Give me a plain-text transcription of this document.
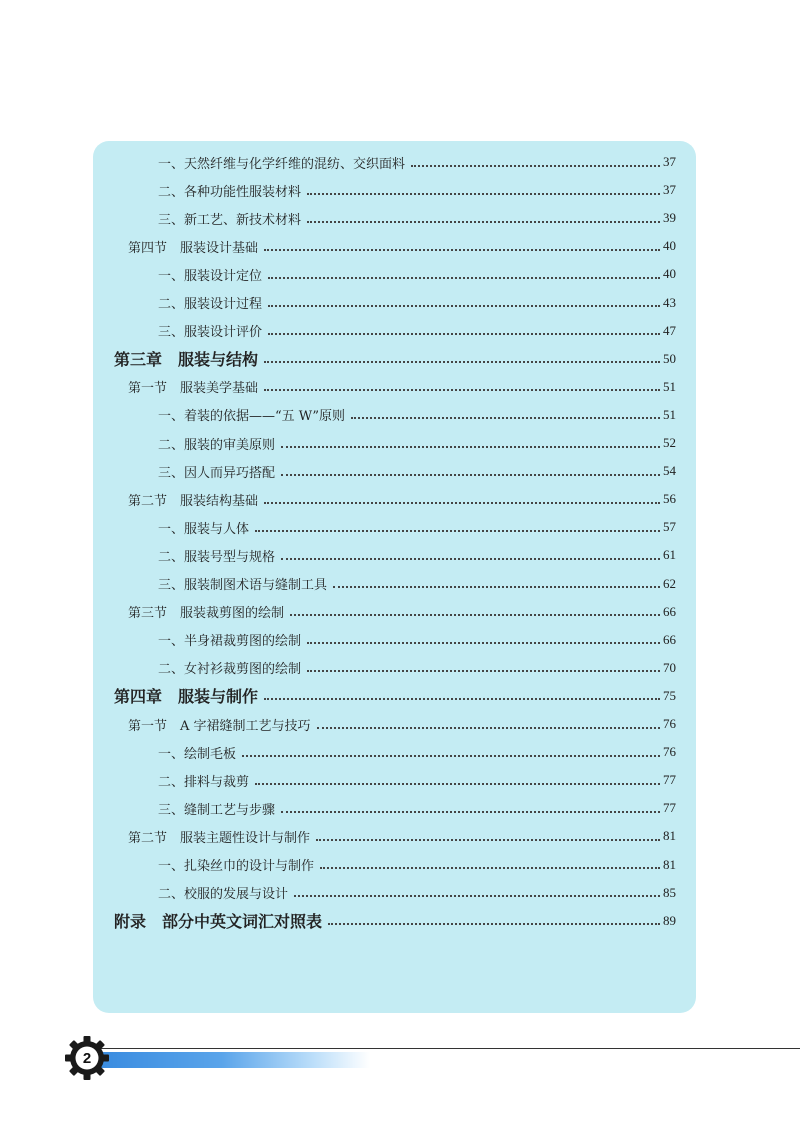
一、天然纤维与化学纤维的混纺、交织面料	37
二、各种功能性服装材料	37
三、新工艺、新技术材料	39
第四节　服装设计基础	40
一、服装设计定位	40
二、服装设计过程	43
三、服装设计评价	47
第三章　服装与结构	50
第一节　服装美学基础	51
一、着装的依据——“五 W”原则	51
二、服装的审美原则	52
三、因人而异巧搭配	54
第二节　服装结构基础	56
一、服装与人体	57
二、服装号型与规格	61
三、服装制图术语与缝制工具	62
第三节　服装裁剪图的绘制	66
一、半身裙裁剪图的绘制	66
二、女衬衫裁剪图的绘制	70
第四章　服装与制作	75
第一节　A 字裙缝制工艺与技巧	76
一、绘制毛板	76
二、排料与裁剪	77
三、缝制工艺与步骤	77
第二节　服装主题性设计与制作	81
一、扎染丝巾的设计与制作	81
二、校服的发展与设计	85
附录　部分中英文词汇对照表	89
2
